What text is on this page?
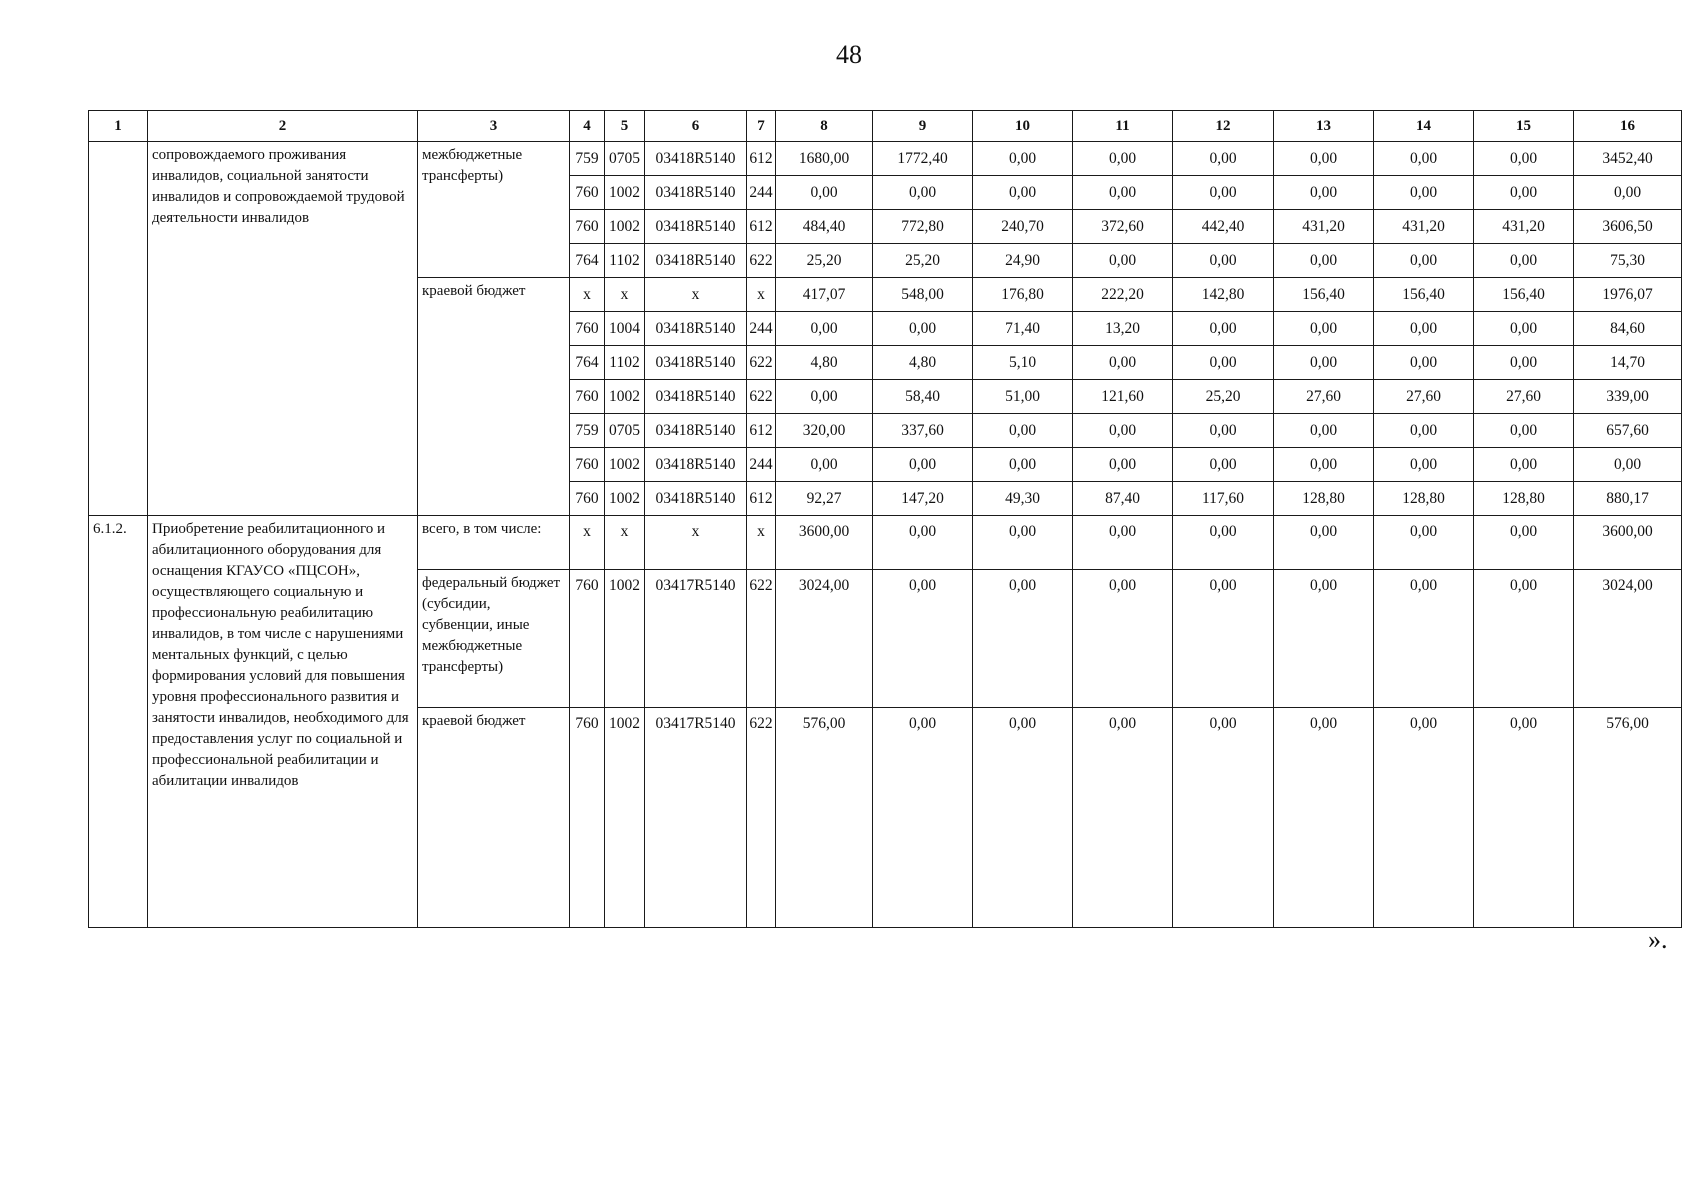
48
1	2	3	4	5	6	7	8	9	10	11	12	13	14	15	16
	сопровождаемого проживания инвалидов, социальной занятости инвалидов и сопровождаемой трудовой деятельности инвалидов	межбюджетные трансферты)	759	0705	03418R5140	612	1680,00	1772,40	0,00	0,00	0,00	0,00	0,00	0,00	3452,40
			760	1002	03418R5140	244	0,00	0,00	0,00	0,00	0,00	0,00	0,00	0,00	0,00
			760	1002	03418R5140	612	484,40	772,80	240,70	372,60	442,40	431,20	431,20	431,20	3606,50
			764	1102	03418R5140	622	25,20	25,20	24,90	0,00	0,00	0,00	0,00	0,00	75,30
		краевой бюджет	x	x	x	x	417,07	548,00	176,80	222,20	142,80	156,40	156,40	156,40	1976,07
			760	1004	03418R5140	244	0,00	0,00	71,40	13,20	0,00	0,00	0,00	0,00	84,60
			764	1102	03418R5140	622	4,80	4,80	5,10	0,00	0,00	0,00	0,00	0,00	14,70
			760	1002	03418R5140	622	0,00	58,40	51,00	121,60	25,20	27,60	27,60	27,60	339,00
			759	0705	03418R5140	612	320,00	337,60	0,00	0,00	0,00	0,00	0,00	0,00	657,60
			760	1002	03418R5140	244	0,00	0,00	0,00	0,00	0,00	0,00	0,00	0,00	0,00
			760	1002	03418R5140	612	92,27	147,20	49,30	87,40	117,60	128,80	128,80	128,80	880,17
6.1.2.	Приобретение реабилитационного и абилитационного оборудования для оснащения КГАУСО «ПЦСОН», осуществляющего социальную и профессиональную реабилитацию инвалидов, в том числе с нарушениями ментальных функций, с целью формирования условий для повышения уровня профессионального развития и занятости инвалидов, необходимого для предоставления услуг по социальной и профессиональной реабилитации и абилитации инвалидов	всего, в том числе:	x	x	x	x	3600,00	0,00	0,00	0,00	0,00	0,00	0,00	0,00	3600,00
		федеральный бюджет (субсидии, субвенции, иные межбюджетные трансферты)	760	1002	03417R5140	622	3024,00	0,00	0,00	0,00	0,00	0,00	0,00	0,00	3024,00
		краевой бюджет	760	1002	03417R5140	622	576,00	0,00	0,00	0,00	0,00	0,00	0,00	0,00	576,00
».
